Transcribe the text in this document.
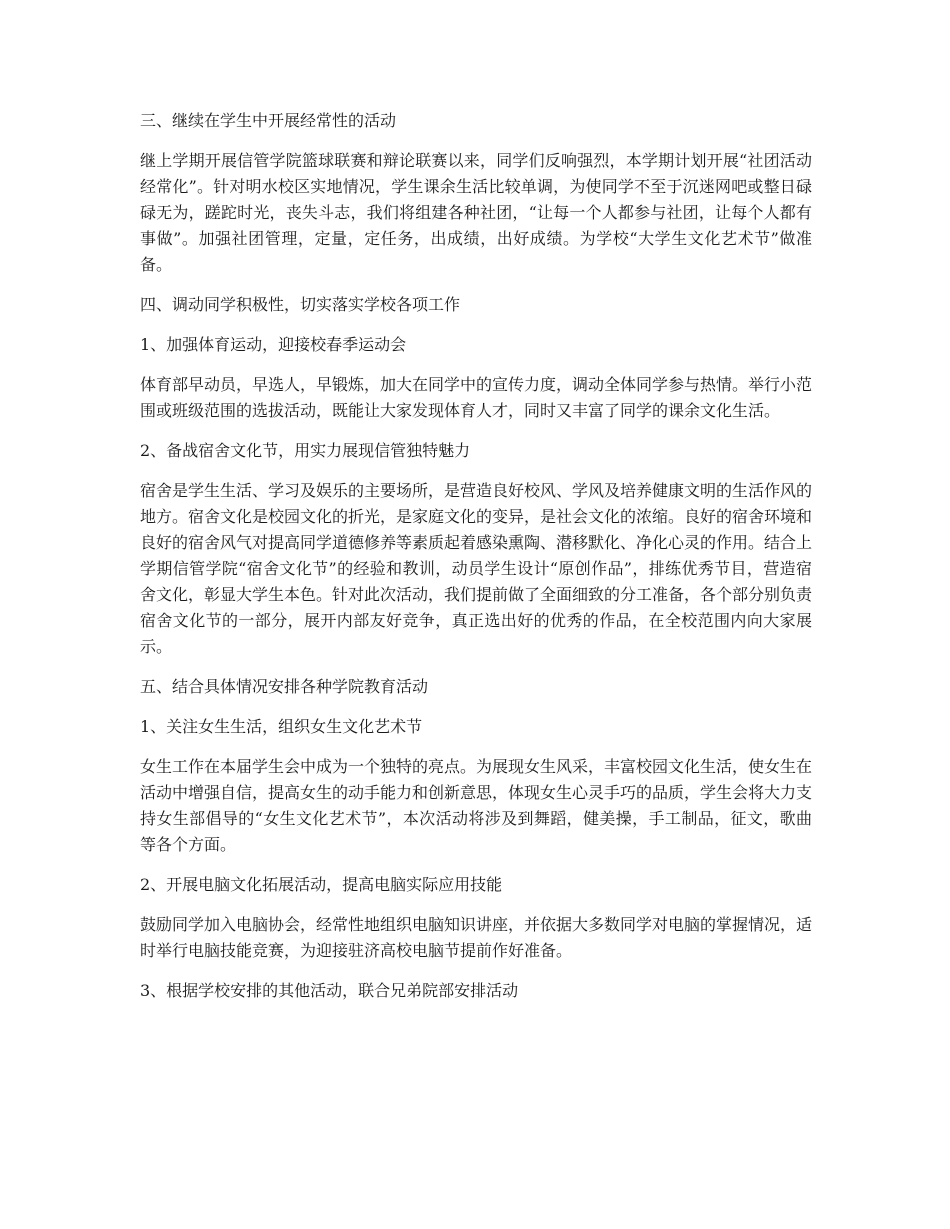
三、继续在学生中开展经常性的活动

继上学期开展信管学院篮球联赛和辩论联赛以来，同学们反响强烈，本学期计划开展“社团活动经常化”。针对明水校区实地情况，学生课余生活比较单调，为使同学不至于沉迷网吧或整日碌碌无为，蹉跎时光，丧失斗志，我们将组建各种社团，“让每一个人都参与社团，让每个人都有事做”。加强社团管理，定量，定任务，出成绩，出好成绩。为学校“大学生文化艺术节”做准备。

四、调动同学积极性，切实落实学校各项工作

1、加强体育运动，迎接校春季运动会

体育部早动员，早选人，早锻炼，加大在同学中的宣传力度，调动全体同学参与热情。举行小范围或班级范围的选拔活动，既能让大家发现体育人才，同时又丰富了同学的课余文化生活。

2、备战宿舍文化节，用实力展现信管独特魅力

宿舍是学生生活、学习及娱乐的主要场所，是营造良好校风、学风及培养健康文明的生活作风的地方。宿舍文化是校园文化的折光，是家庭文化的变异，是社会文化的浓缩。良好的宿舍环境和良好的宿舍风气对提高同学道德修养等素质起着感染熏陶、潜移默化、净化心灵的作用。结合上学期信管学院“宿舍文化节”的经验和教训，动员学生设计“原创作品”，排练优秀节目，营造宿舍文化，彰显大学生本色。针对此次活动，我们提前做了全面细致的分工准备，各个部分别负责宿舍文化节的一部分，展开内部友好竞争，真正选出好的优秀的作品，在全校范围内向大家展示。

五、结合具体情况安排各种学院教育活动

1、关注女生生活，组织女生文化艺术节

女生工作在本届学生会中成为一个独特的亮点。为展现女生风采，丰富校园文化生活，使女生在活动中增强自信，提高女生的动手能力和创新意思，体现女生心灵手巧的品质，学生会将大力支持女生部倡导的“女生文化艺术节”，本次活动将涉及到舞蹈，健美操，手工制品，征文，歌曲等各个方面。

2、开展电脑文化拓展活动，提高电脑实际应用技能

鼓励同学加入电脑协会，经常性地组织电脑知识讲座，并依据大多数同学对电脑的掌握情况，适时举行电脑技能竞赛，为迎接驻济高校电脑节提前作好准备。

3、根据学校安排的其他活动，联合兄弟院部安排活动
